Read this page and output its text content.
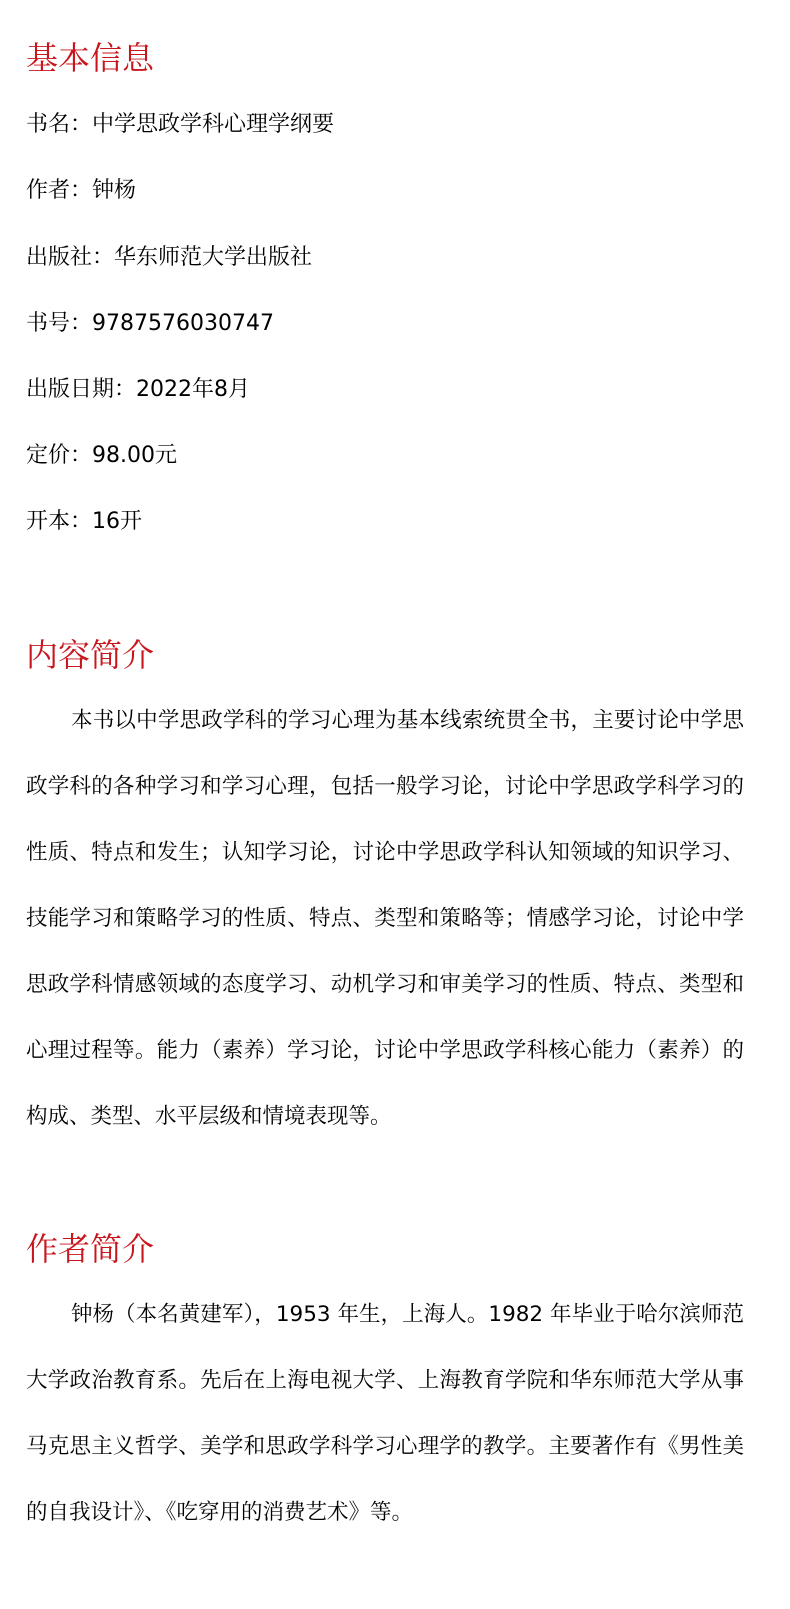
基本信息
书名：中学思政学科心理学纲要
作者：钟杨
出版社：华东师范大学出版社
书号：9787576030747
出版日期：2022年8月
定价：98.00元
开本：16开
内容简介

本书以中学思政学科的学习心理为基本线索统贯全书，主要讨论中学思政学科的各种学习和学习心理，包括一般学习论，讨论中学思政学科学习的性质、特点和发生；认知学习论，讨论中学思政学科认知领域的知识学习、技能学习和策略学习的性质、特点、类型和策略等；情感学习论，讨论中学思政学科情感领域的态度学习、动机学习和审美学习的性质、特点、类型和心理过程等。能力（素养）学习论，讨论中学思政学科核心能力（素养）的构成、类型、水平层级和情境表现等。

作者简介

钟杨（本名黄建军），1953 年生，上海人。1982 年毕业于哈尔滨师范大学政治教育系。先后在上海电视大学、上海教育学院和华东师范大学从事马克思主义哲学、美学和思政学科学习心理学的教学。主要著作有《男性美的自我设计》、《吃穿用的消费艺术》等。
